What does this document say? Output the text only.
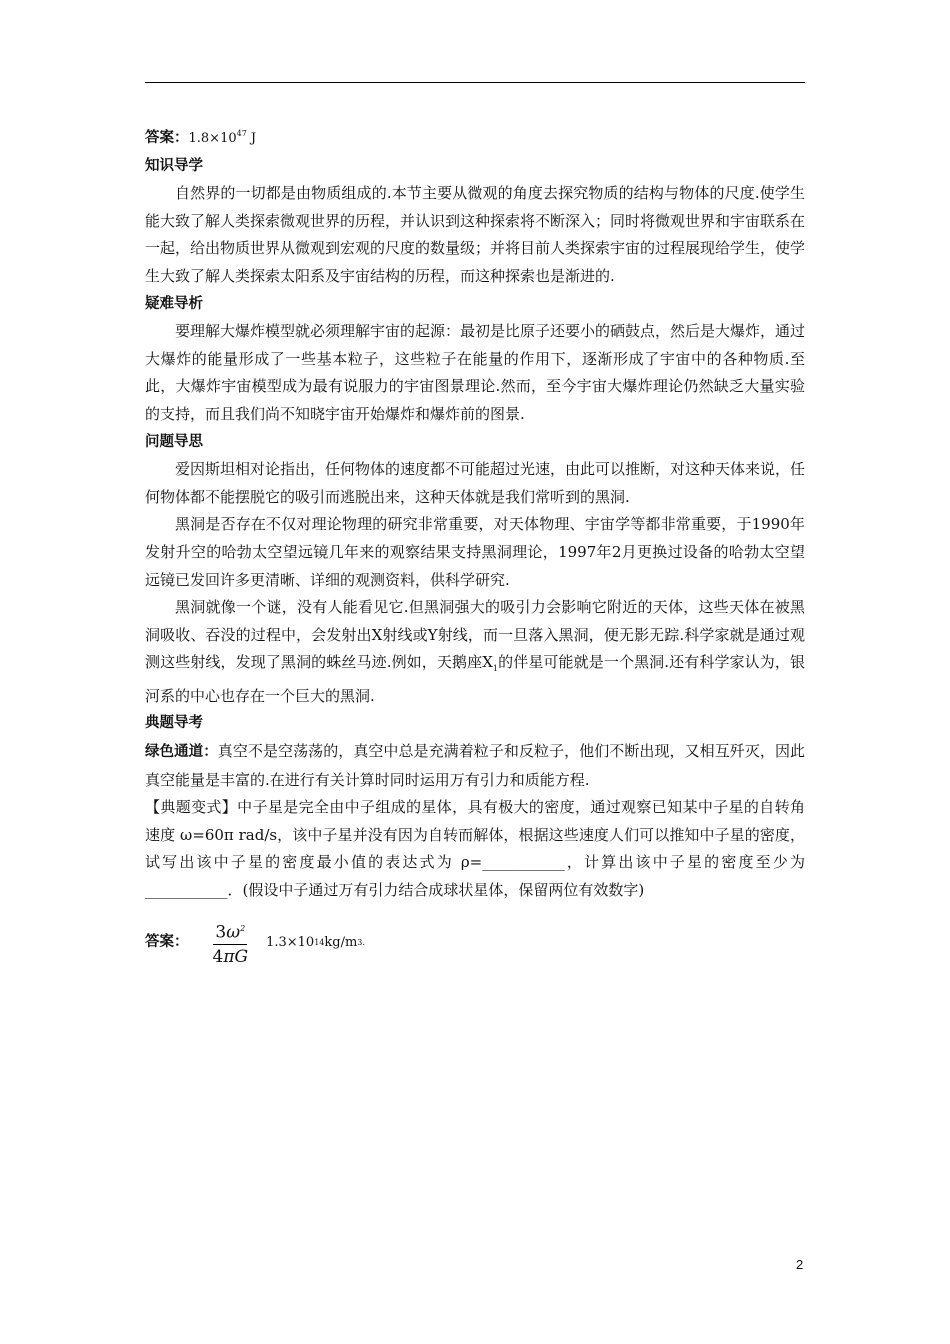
答案：$1.8\times 10^{47}$ J

知识导学

自然界的一切都是由物质组成的.本节主要从微观的角度去探究物质的结构与物体的尺度.使学生能大致了解人类探索微观世界的历程，并认识到这种探索将不断深入；同时将微观世界和宇宙联系在一起，给出物质世界从微观到宏观的尺度的数量级；并将目前人类探索宇宙的过程展现给学生，使学生大致了解人类探索太阳系及宇宙结构的历程，而这种探索也是渐进的.

疑难导析

要理解大爆炸模型就必须理解宇宙的起源：最初是比原子还要小的硒鼓点，然后是大爆炸，通过大爆炸的能量形成了一些基本粒子，这些粒子在能量的作用下，逐渐形成了宇宙中的各种物质.至此，大爆炸宇宙模型成为最有说服力的宇宙图景理论.然而，至今宇宙大爆炸理论仍然缺乏大量实验的支持，而且我们尚不知晓宇宙开始爆炸和爆炸前的图景.

问题导思

爱因斯坦相对论指出，任何物体的速度都不可能超过光速，由此可以推断，对这种天体来说，任何物体都不能摆脱它的吸引而逃脱出来，这种天体就是我们常听到的黑洞.

黑洞是否存在不仅对理论物理的研究非常重要，对天体物理、宇宙学等都非常重要，于1990年发射升空的哈勃太空望远镜几年来的观察结果支持黑洞理论，1997年2月更换过设备的哈勃太空望远镜已发回许多更清晰、详细的观测资料，供科学研究.

黑洞就像一个谜，没有人能看见它.但黑洞强大的吸引力会影响它附近的天体，这些天体在被黑洞吸收、吞没的过程中，会发射出X射线或Y射线，而一旦落入黑洞，便无影无踪.科学家就是通过观测这些射线，发现了黑洞的蛛丝马迹.例如，天鹅座$X_1$的伴星可能就是一个黑洞.还有科学家认为，银河系的中心也存在一个巨大的黑洞.

典题导考

绿色通道：真空不是空荡荡的，真空中总是充满着粒子和反粒子，他们不断出现，又相互歼灭，因此真空能量是丰富的.在进行有关计算时同时运用万有引力和质能方程.

【典题变式】中子星是完全由中子组成的星体，具有极大的密度，通过观察已知某中子星的自转角速度 ω=60π rad/s，该中子星并没有因为自转而解体，根据这些速度人们可以推知中子星的密度，试写出该中子星的密度最小值的表达式为 ρ=___________，计算出该中子星的密度至少为___________．(假设中子通过万有引力结合成球状星体，保留两位有效数字)

答案： $\frac{3\omega^2}{4\pi G} 1.3\times 10$ 14 kg/m 3.

2
